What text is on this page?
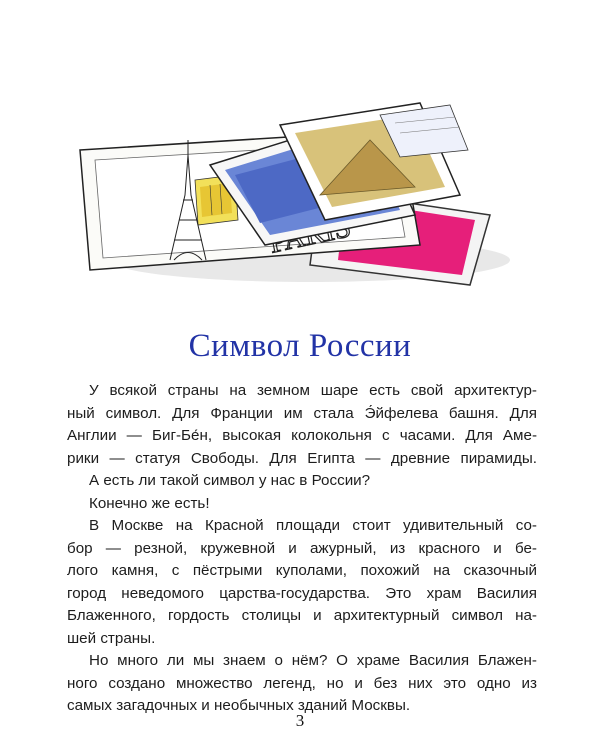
Символ России
У всякой страны на земном шаре есть свой архитектур-
ный символ. Для Франции им стала Э́йфелева башня. Для
Англии — Биг-Бе́н, высокая колокольня с часами. Для Аме-
рики — статуя Свободы. Для Египта — древние пирамиды.
А есть ли такой символ у нас в России?
Конечно же есть!
В Москве на Красной площади стоит удивительный со-
бор — резной, кружевной и ажурный, из красного и бе-
лого камня, с пёстрыми куполами, похожий на сказочный
город неведомого царства-государства. Это храм Василия
Блаженного, гордость столицы и архитектурный символ на-
шей страны.
Но много ли мы знаем о нём? О храме Василия Блажен-
ного создано множество легенд, но и без них это одно из
самых загадочных и необычных зданий Москвы.
3
